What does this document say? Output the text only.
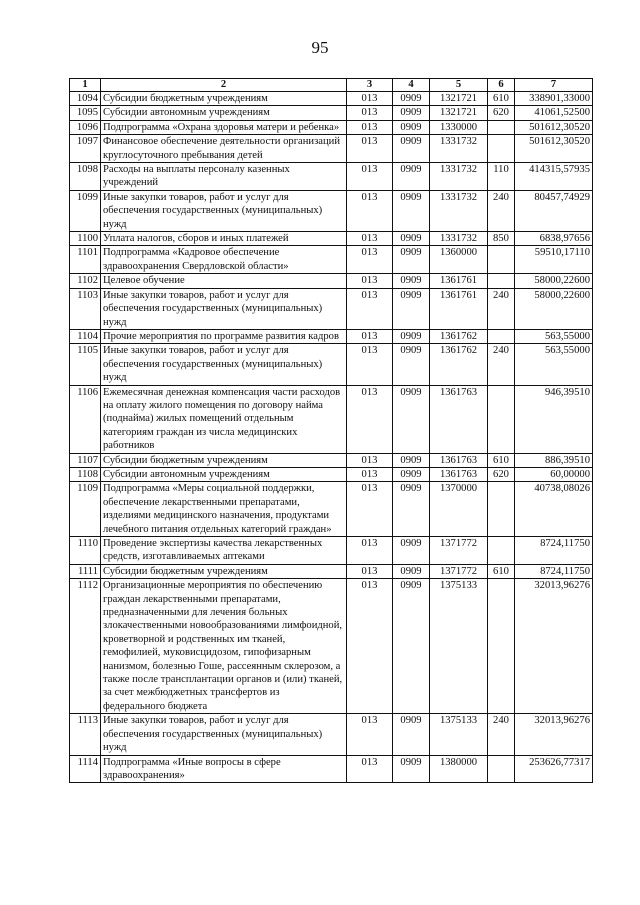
95
1	2	3	4	5	6	7
1094	Субсидии бюджетным учреждениям	013	0909	1321721	610	338901,33000
1095	Субсидии автономным учреждениям	013	0909	1321721	620	41061,52500
1096	Подпрограмма «Охрана здоровья матери и ребенка»	013	0909	1330000		501612,30520
1097	Финансовое обеспечение деятельности организаций круглосуточного пребывания детей	013	0909	1331732		501612,30520
1098	Расходы на выплаты персоналу казенных учреждений	013	0909	1331732	110	414315,57935
1099	Иные закупки товаров, работ и услуг для обеспечения государственных (муниципальных) нужд	013	0909	1331732	240	80457,74929
1100	Уплата налогов, сборов и иных платежей	013	0909	1331732	850	6838,97656
1101	Подпрограмма «Кадровое обеспечение здравоохранения Свердловской области»	013	0909	1360000		59510,17110
1102	Целевое обучение	013	0909	1361761		58000,22600
1103	Иные закупки товаров, работ и услуг для обеспечения государственных (муниципальных) нужд	013	0909	1361761	240	58000,22600
1104	Прочие мероприятия по программе развития кадров	013	0909	1361762		563,55000
1105	Иные закупки товаров, работ и услуг для обеспечения государственных (муниципальных) нужд	013	0909	1361762	240	563,55000
1106	Ежемесячная денежная компенсация части расходов на оплату жилого помещения по договору найма (поднайма) жилых помещений отдельным категориям граждан из числа медицинских работников	013	0909	1361763		946,39510
1107	Субсидии бюджетным учреждениям	013	0909	1361763	610	886,39510
1108	Субсидии автономным учреждениям	013	0909	1361763	620	60,00000
1109	Подпрограмма «Меры социальной поддержки, обеспечение лекарственными препаратами, изделиями медицинского назначения, продуктами лечебного питания отдельных категорий граждан»	013	0909	1370000		40738,08026
1110	Проведение экспертизы качества лекарственных средств, изготавливаемых аптеками	013	0909	1371772		8724,11750
1111	Субсидии бюджетным учреждениям	013	0909	1371772	610	8724,11750
1112	Организационные мероприятия по обеспечению граждан лекарственными препаратами, предназначенными для лечения больных злокачественными новообразованиями лимфоидной, кроветворной и родственных им тканей, гемофилией, муковисцидозом, гипофизарным нанизмом, болезнью Гоше, рассеянным склерозом, а также после трансплантации органов и (или) тканей, за счет межбюджетных трансфертов из федерального бюджета	013	0909	1375133		32013,96276
1113	Иные закупки товаров, работ и услуг для обеспечения государственных (муниципальных) нужд	013	0909	1375133	240	32013,96276
1114	Подпрограмма «Иные вопросы в сфере здравоохранения»	013	0909	1380000		253626,77317
